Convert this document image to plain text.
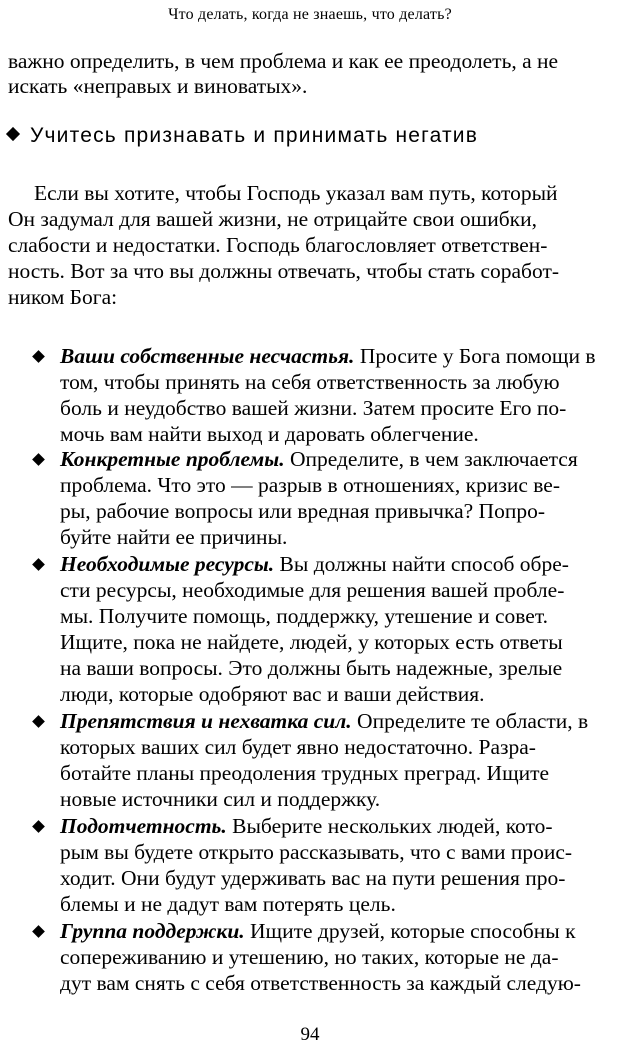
Что делать, когда не знаешь, что делать?
важно определить, в чем проблема и как ее преодолеть, а не
искать «неправых и виноватых».
Учитесь признавать и принимать негатив
Если вы хотите, чтобы Господь указал вам путь, который
Он задумал для вашей жизни, не отрицайте свои ошибки,
слабости и недостатки. Господь благословляет ответствен-
ность. Вот за что вы должны отвечать, чтобы стать соработ-
ником Бога:
Ваши собственные несчастья. Просите у Бога помощи в
том, чтобы принять на себя ответственность за любую
боль и неудобство вашей жизни. Затем просите Его по-
мочь вам найти выход и даровать облегчение.
Конкретные проблемы. Определите, в чем заключается
проблема. Что это — разрыв в отношениях, кризис ве-
ры, рабочие вопросы или вредная привычка? Попро-
буйте найти ее причины.
Необходимые ресурсы. Вы должны найти способ обре-
сти ресурсы, необходимые для решения вашей пробле-
мы. Получите помощь, поддержку, утешение и совет.
Ищите, пока не найдете, людей, у которых есть ответы
на ваши вопросы. Это должны быть надежные, зрелые
люди, которые одобряют вас и ваши действия.
Препятствия и нехватка сил. Определите те области, в
которых ваших сил будет явно недостаточно. Разра-
ботайте планы преодоления трудных преград. Ищите
новые источники сил и поддержку.
Подотчетность. Выберите нескольких людей, кото-
рым вы будете открыто рассказывать, что с вами проис-
ходит. Они будут удерживать вас на пути решения про-
блемы и не дадут вам потерять цель.
Группа поддержки. Ищите друзей, которые способны к
сопереживанию и утешению, но таких, которые не да-
дут вам снять с себя ответственность за каждый следую-
94
